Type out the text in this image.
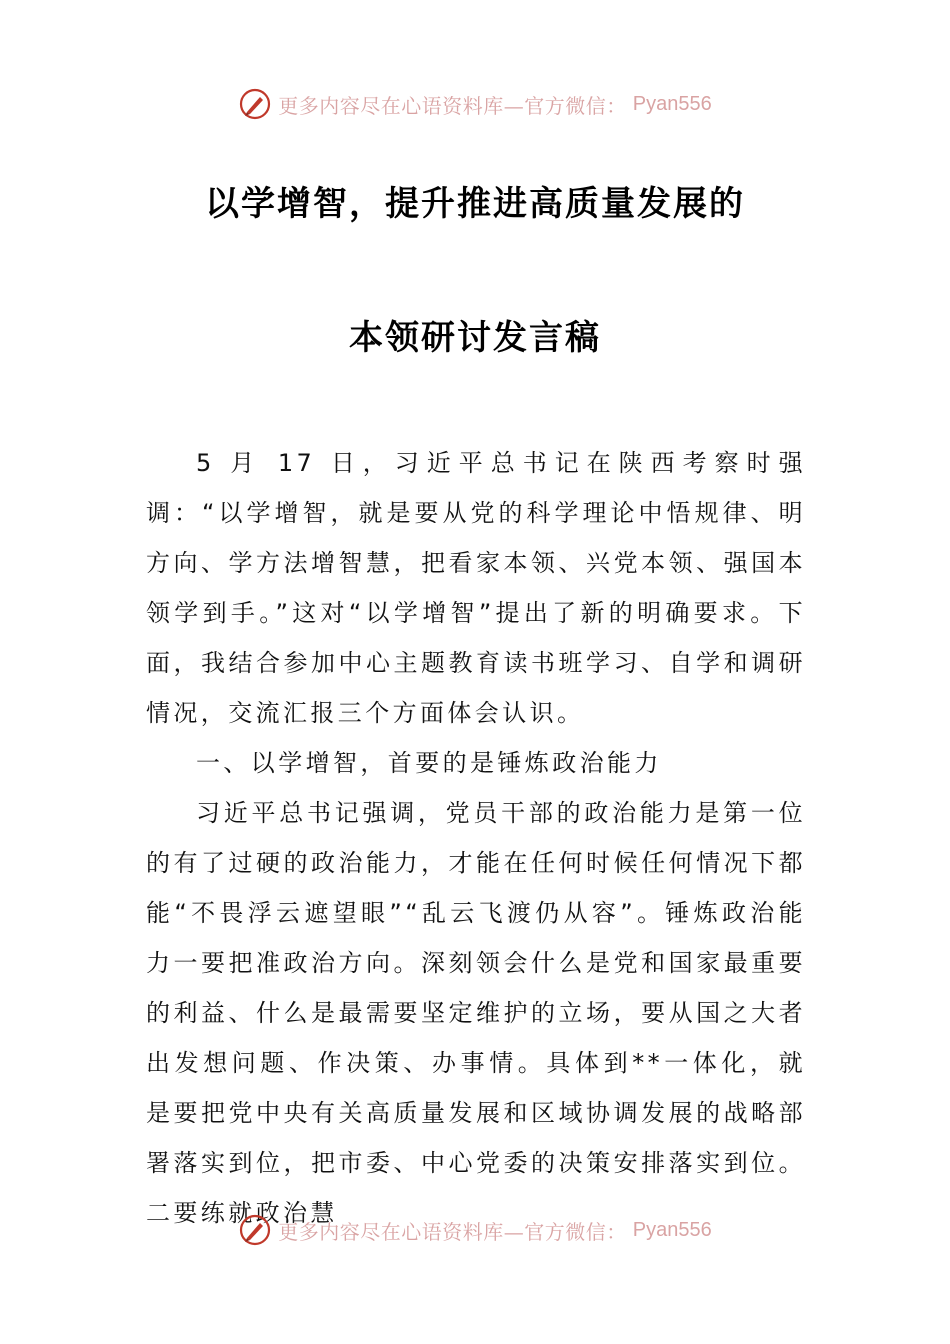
更多内容尽在心语资料库—官方微信： Pyan556
以学增智，提升推进高质量发展的
本领研讨发言稿

5 月 17 日，习近平总书记在陕西考察时强调：“以学增智，就是要从党的科学理论中悟规律、明方向、学方法增智慧，把看家本领、兴党本领、强国本领学到手。”这对“以学增智”提出了新的明确要求。下面，我结合参加中心主题教育读书班学习、自学和调研情况，交流汇报三个方面体会认识。

一、以学增智，首要的是锤炼政治能力

习近平总书记强调，党员干部的政治能力是第一位的有了过硬的政治能力，才能在任何时候任何情况下都能“不畏浮云遮望眼”“乱云飞渡仍从容”。锤炼政治能力一要把准政治方向。深刻领会什么是党和国家最重要的利益、什么是最需要坚定维护的立场，要从国之大者出发想问题、作决策、办事情。具体到**一体化，就是要把党中央有关高质量发展和区域协调发展的战略部署落实到位，把市委、中心党委的决策安排落实到位。二要练就政治慧

更多内容尽在心语资料库—官方微信： Pyan556
